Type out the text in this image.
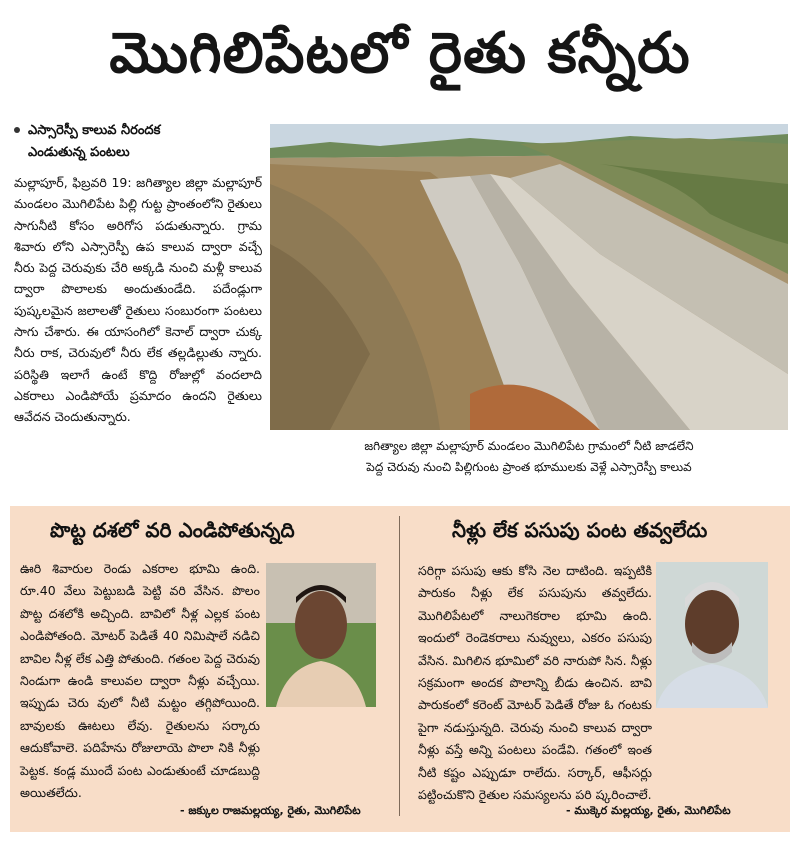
మొగిలిపేటలో రైతు కన్నీరు
ఎస్సారెస్పీ కాలువ నీరందక
ఎండుతున్న పంటలు
మల్లాపూర్, ఫిబ్రవరి 19: జగిత్యాల జిల్లా మల్లాపూర్ మండలం మొగిలిపేట పిల్లి గుట్ట ప్రాంతంలోని రైతులు సాగునీటి కోసం అరిగోస పడుతున్నారు. గ్రామ శివారు లోని ఎస్సారెస్పీ ఉప కాలువ ద్వారా వచ్చే నీరు పెద్ద చెరువుకు చేరి అక్కడి నుంచి మళ్లీ కాలువ ద్వారా పొలాలకు అందుతుండేది. పదేండ్లుగా పుష్కలమైన జలాలతో రైతులు సంబురంగా పంటలు సాగు చేశారు. ఈ యాసంగిలో కెనాల్ ద్వారా చుక్క నీరు రాక, చెరువులో నీరు లేక తల్లడిల్లుతు న్నారు. పరిస్థితి ఇలాగే ఉంటే కొద్ది రోజుల్లో వందలాది ఎకరాలు ఎండిపోయే ప్రమాదం ఉందని రైతులు ఆవేదన చెందుతున్నారు.
జగిత్యాల జిల్లా మల్లాపూర్ మండలం మొగిలిపేట గ్రామంలో నీటి జాడలేని
పెద్ద చెరువు నుంచి పిల్లిగుంట ప్రాంత భూములకు వెళ్లే ఎస్సారెస్పీ కాలువ
పొట్ట దశలో వరి ఎండిపోతున్నది
ఊరి శివారుల రెండు ఎకరాల భూమి ఉంది. రూ.40 వేలు పెట్టుబడి పెట్టి వరి వేసిన. పొలం పొట్ట దశలోకి అచ్చింది. బావిలో నీళ్ల ఎల్లక పంట ఎండిపోతంది. మోటర్ పెడితే 40 నిమిషాలే నడిచి బావిల నీళ్ల లేక ఎత్తి పోతుంది. గతంల పెద్ద చెరువు నిండుగా ఉండి కాలువల ద్వారా నీళ్లు వచ్చేయి. ఇప్పుడు చెరు వులో నీటి మట్టం తగ్గిపోయింది. బావులకు ఊటలు లేవు. రైతులను సర్కారు ఆదుకోవాలె. పదిహేను రోజులాయె పొలా నికి నీళ్లు పెట్టక. కండ్ల ముందే పంట ఎండుతుంటే చూడబుద్ది అయితలేదు.
- జక్కుల రాజమల్లయ్య, రైతు, మొగిలిపేట
నీళ్లు లేక పసుపు పంట తవ్వలేదు
సరిగ్గా పసుపు ఆకు కోసి నెల దాటింది. ఇప్పటికి పారుకం నీళ్లు లేక పసుపును తవ్వలేదు. మొగిలిపేటలో నాలుగెకరాల భూమి ఉంది. ఇందులో రెండెకరాలు నువ్వులు, ఎకరం పసుపు వేసిన. మిగిలిన భూమిలో వరి నారుపో సిన. నీళ్లు సక్రమంగా అందక పొలాన్ని బీడు ఉంచిన. బావి పారుకంలో కరెంట్ మోటర్ పెడితే రోజు ఓ గంటకు పైగా నడుస్తున్నది. చెరువు నుంచి కాలువ ద్వారా నీళ్లు వస్తే అన్ని పంటలు పండేవి. గతంలో ఇంత నీటి కష్టం ఎప్పుడూ రాలేదు. సర్కార్, ఆఫీసర్లు పట్టించుకొని రైతుల సమస్యలను పరి ష్కరించాలే.
- ముక్కెర మల్లయ్య, రైతు, మొగిలిపేట
